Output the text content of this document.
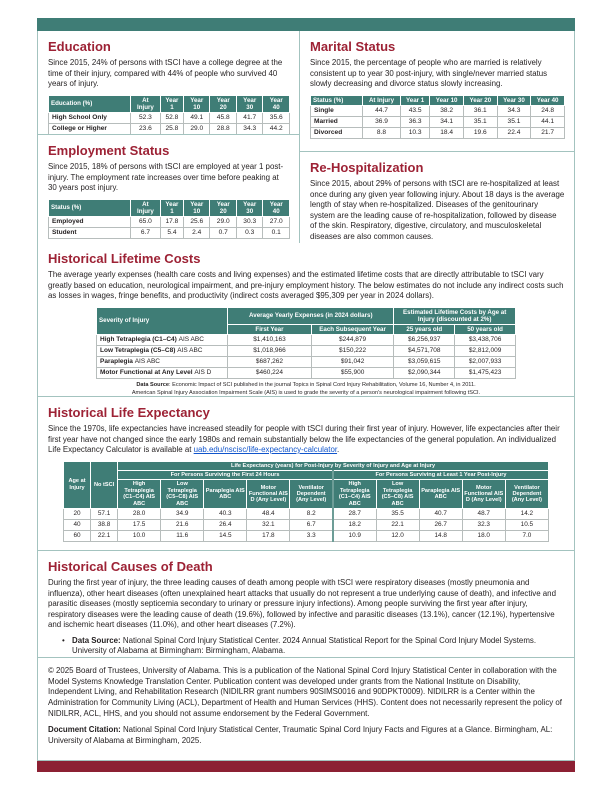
Education

Since 2015, 24% of persons with tSCI have a college degree at the time of their injury, compared with 44% of people who survived 40 years of injury.

Education (%)	At Injury	Year 1	Year 10	Year 20	Year 30	Year 40
High School Only	52.3	52.8	49.1	45.8	41.7	35.6
College or Higher	23.6	25.8	29.0	28.8	34.3	44.2
Employment Status

Since 2015, 18% of persons with tSCI are employed at year 1 post-injury. The employment rate increases over time before peaking at 30 years post injury.

Status (%)	At Injury	Year 1	Year 10	Year 20	Year 30	Year 40
Employed	65.0	17.8	25.6	29.0	30.3	27.0
Student	6.7	5.4	2.4	0.7	0.3	0.1
Marital Status

Since 2015, the percentage of people who are married is relatively consistent up to year 30 post-injury, with single/never married status slowly decreasing and divorce status slowly increasing.

Status (%)	At Injury	Year 1	Year 10	Year 20	Year 30	Year 40
Single	44.7	43.5	38.2	36.1	34.3	24.8
Married	36.9	36.3	34.1	35.1	35.1	44.1
Divorced	8.8	10.3	18.4	19.6	22.4	21.7
Re-Hospitalization

Since 2015, about 29% of persons with tSCI are re-hospitalized at least once during any given year following injury. About 18 days is the average length of stay when re-hospitalized. Diseases of the genitourinary system are the leading cause of re-hospitalization, followed by disease of the skin. Respiratory, digestive, circulatory, and musculoskeletal diseases are also common causes.

Historical Lifetime Costs

The average yearly expenses (health care costs and living expenses) and the estimated lifetime costs that are directly attributable to tSCI vary greatly based on education, neurological impairment, and pre-injury employment history. The below estimates do not include any indirect costs such as losses in wages, fringe benefits, and productivity (indirect costs averaged $95,309 per year in 2024 dollars).

Severity of Injury	Average Yearly Expenses (in 2024 dollars)		Estimated Lifetime Costs by Age at Injury (discounted at 2%)	
	First Year	Each Subsequent Year	25 years old	50 years old
High Tetraplegia (C1–C4) AIS ABC	$1,410,163	$244,879	$6,256,937	$3,438,706
Low Tetraplegia (C5–C8) AIS ABC	$1,018,966	$150,222	$4,571,708	$2,812,009
Paraplegia AIS ABC	$687,262	$91,042	$3,059,615	$2,007,933
Motor Functional at Any Level AIS D	$460,224	$55,900	$2,090,344	$1,475,423
Data Source: Economic Impact of SCI published in the journal Topics in Spinal Cord Injury Rehabilitation, Volume 16, Number 4, in 2011.
American Spinal Injury Association Impairment Scale (AIS) is used to grade the severity of a person's neurological impairment following tSCI.
Historical Life Expectancy

Since the 1970s, life expectancies have increased steadily for people with tSCI during their first year of injury. However, life expectancies after their first year have not changed since the early 1980s and remain substantially below the life expectancies of the general population. An individualized Life Expectancy Calculator is available at uab.edu/nscisc/life-expectancy-calculator.

Age at Injury	No tSCI	Life Expectancy (years) for Post-Injury by Severity of Injury and Age at Injury									
		For Persons Surviving the First 24 Hours					For Persons Surviving at Least 1 Year Post-Injury				
		High Tetraplegia (C1–C4) AIS ABC	Low Tetraplegia (C5–C8) AIS ABC	Paraplegia AIS ABC	Motor Functional AIS D (Any Level)	Ventilator Dependent (Any Level)	High Tetraplegia (C1–C4) AIS ABC	Low Tetraplegia (C5–C8) AIS ABC	Paraplegia AIS ABC	Motor Functional AIS D (Any Level)	Ventilator Dependent (Any Level)
20	57.1	28.0	34.9	40.3	48.4	8.2	28.7	35.5	40.7	48.7	14.2
40	38.8	17.5	21.6	26.4	32.1	6.7	18.2	22.1	26.7	32.3	10.5
60	22.1	10.0	11.6	14.5	17.8	3.3	10.9	12.0	14.8	18.0	7.0
Historical Causes of Death

During the first year of injury, the three leading causes of death among people with tSCI were respiratory diseases (mostly pneumonia and influenza), other heart diseases (often unexplained heart attacks that usually do not represent a true underlying cause of death), and infective and parasitic diseases (mostly septicemia secondary to urinary or pressure injury infections). Among people surviving the first year after injury, respiratory diseases were the leading cause of death (19.6%), followed by infective and parasitic diseases (13.1%), cancer (12.1%), hypertensive and ischemic heart diseases (11.0%), and other heart diseases (7.2%).

• Data Source: National Spinal Cord Injury Statistical Center. 2024 Annual Statistical Report for the Spinal Cord Injury Model Systems. University of Alabama at Birmingham: Birmingham, Alabama.

© 2025 Board of Trustees, University of Alabama. This is a publication of the National Spinal Cord Injury Statistical Center in collaboration with the Model Systems Knowledge Translation Center. Publication content was developed under grants from the National Institute on Disability, Independent Living, and Rehabilitation Research (NIDILRR grant numbers 90SIMS0016 and 90DPKT0009). NIDILRR is a Center within the Administration for Community Living (ACL), Department of Health and Human Services (HHS). Content does not necessarily represent the policy of NIDILRR, ACL, HHS, and you should not assume endorsement by the Federal Government.

Document Citation: National Spinal Cord Injury Statistical Center, Traumatic Spinal Cord Injury Facts and Figures at a Glance. Birmingham, AL: University of Alabama at Birmingham, 2025.
